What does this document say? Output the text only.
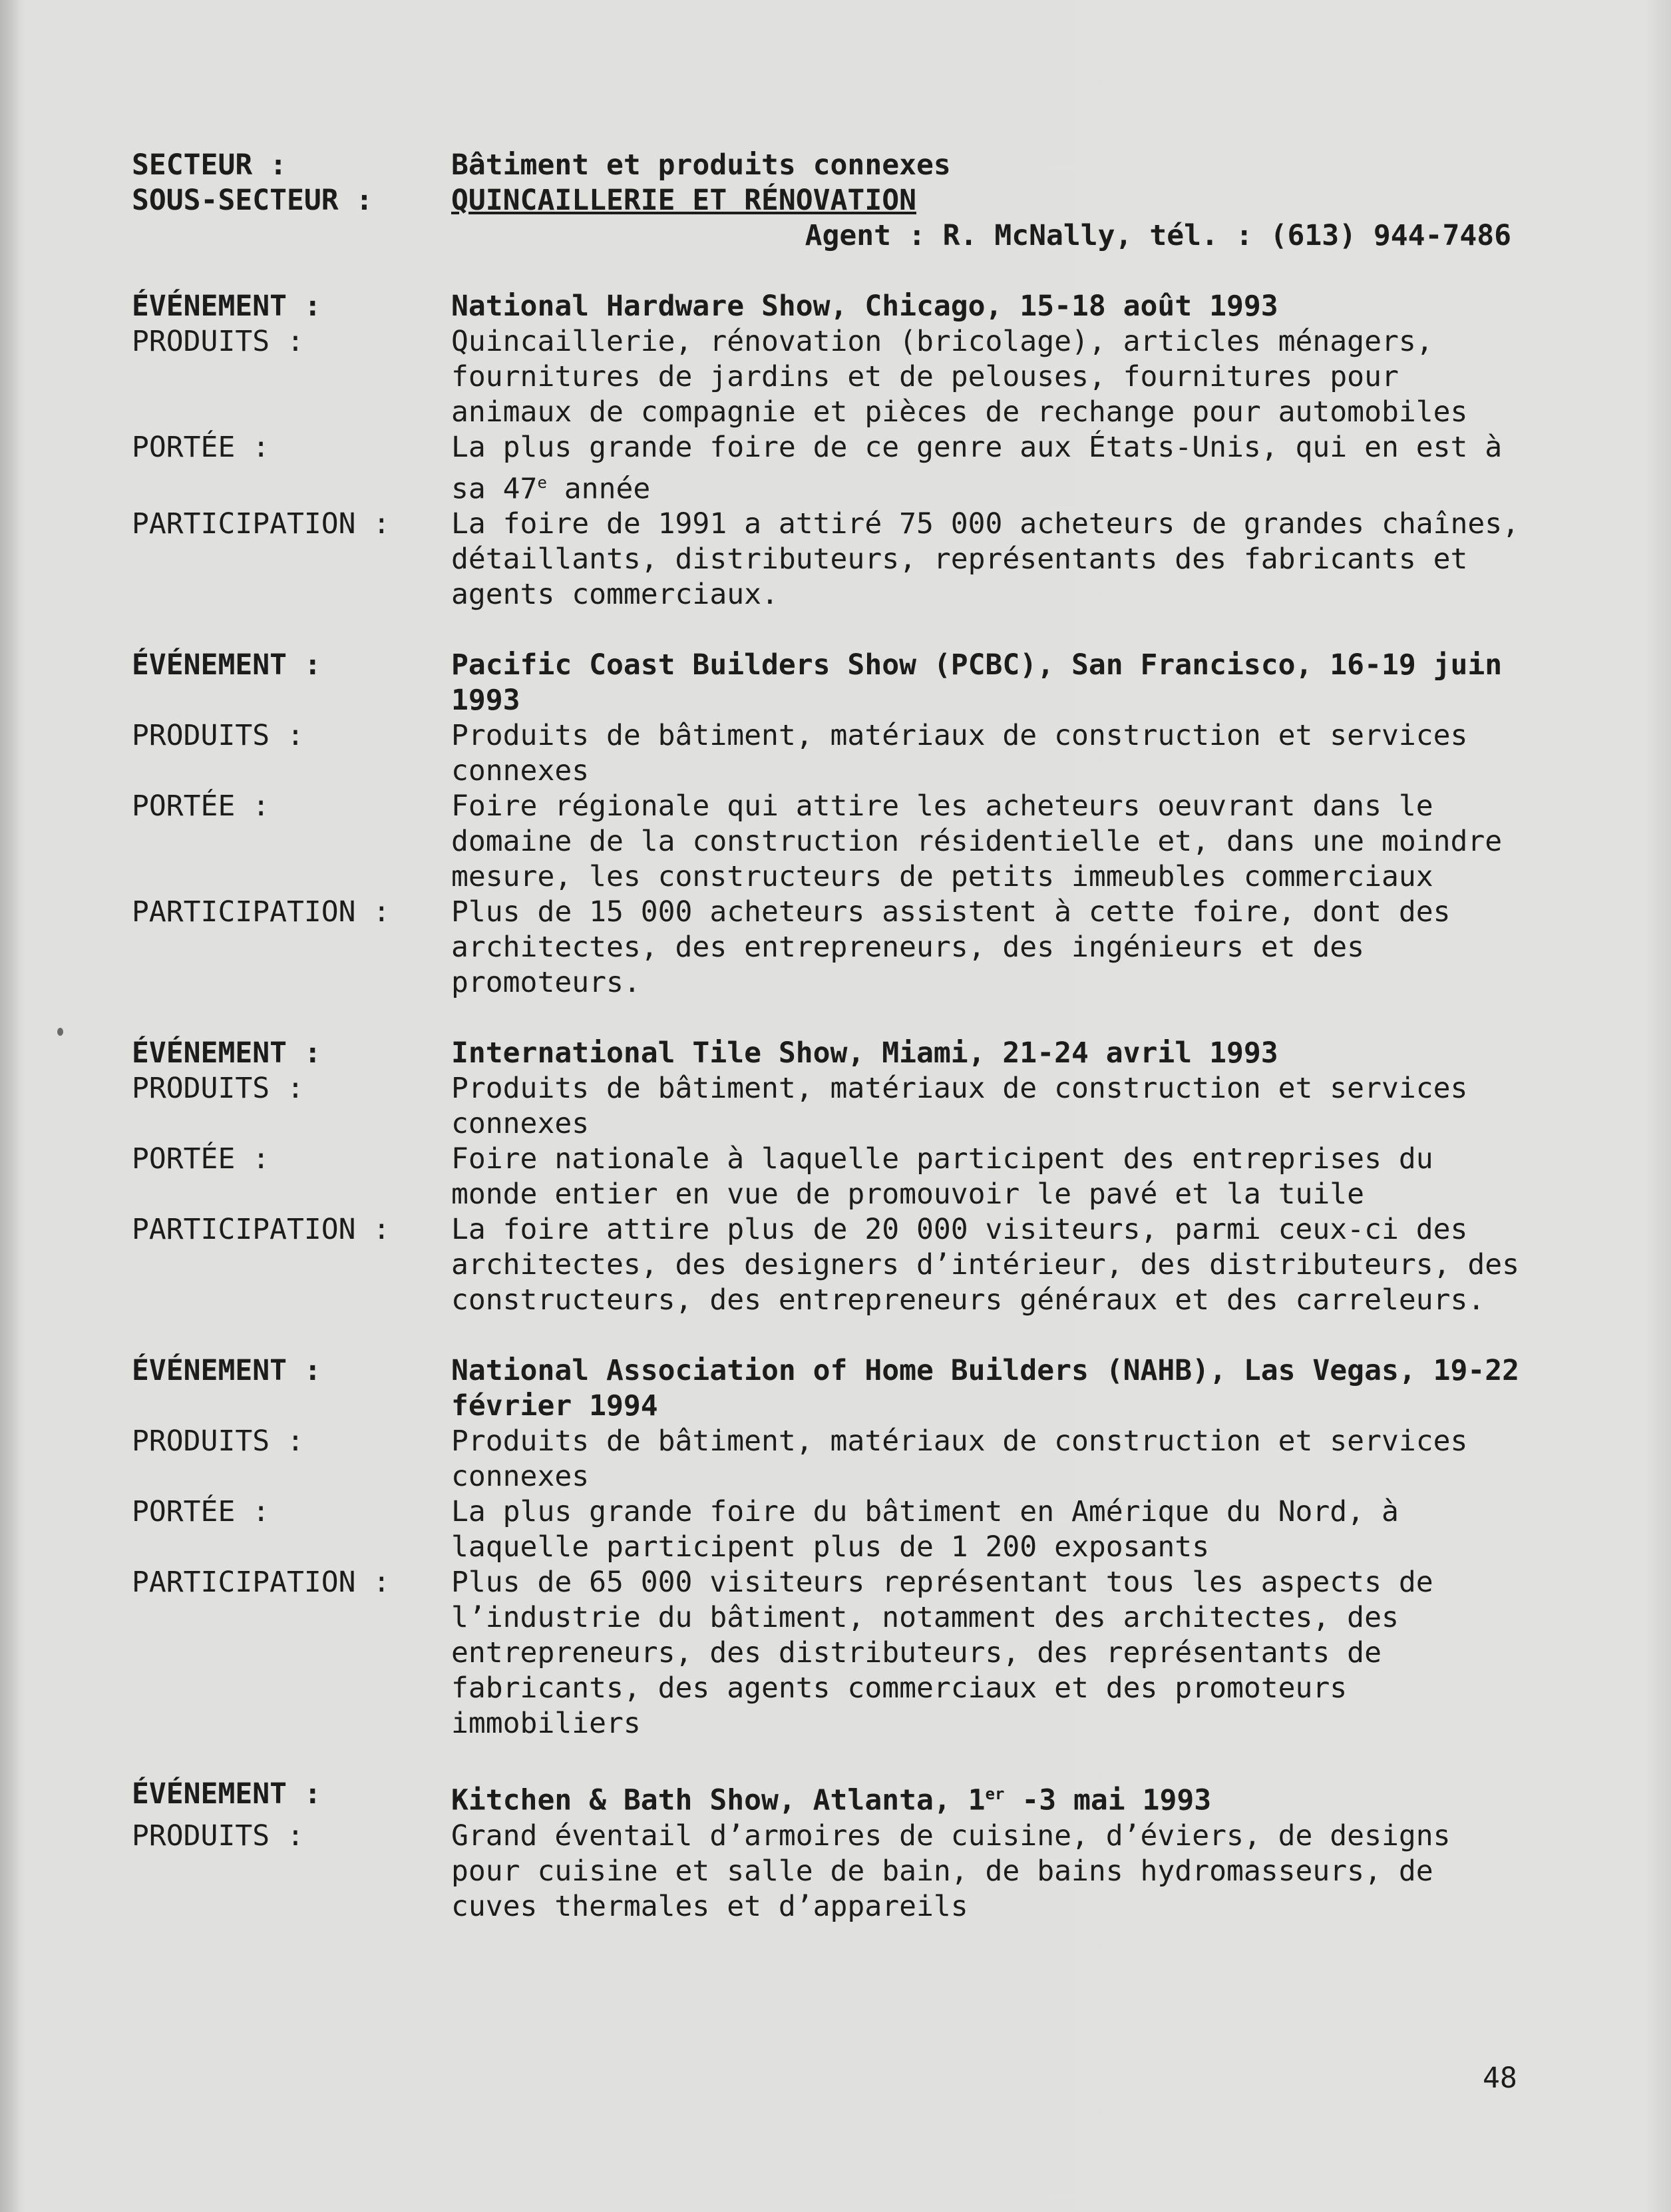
SECTEUR :	Bâtiment et produits connexes
SOUS-SECTEUR :	QUINCAILLERIE ET RÉNOVATION
Agent : R. McNally, tél. : (613) 944-7486
ÉVÉNEMENT :	National Hardware Show, Chicago, 15-18 août 1993
PRODUITS :	Quincaillerie, rénovation (bricolage), articles ménagers, fournitures de jardins et de pelouses, fournitures pour animaux de compagnie et pièces de rechange pour automobiles
PORTÉE :	La plus grande foire de ce genre aux États-Unis, qui en est à sa 47e année
PARTICIPATION :	La foire de 1991 a attiré 75 000 acheteurs de grandes chaînes, détaillants, distributeurs, représentants des fabricants et agents commerciaux.
ÉVÉNEMENT :	Pacific Coast Builders Show (PCBC), San Francisco, 16-19 juin 1993
PRODUITS :	Produits de bâtiment, matériaux de construction et services connexes
PORTÉE :	Foire régionale qui attire les acheteurs oeuvrant dans le domaine de la construction résidentielle et, dans une moindre mesure, les constructeurs de petits immeubles commerciaux
PARTICIPATION :	Plus de 15 000 acheteurs assistent à cette foire, dont des architectes, des entrepreneurs, des ingénieurs et des promoteurs.
ÉVÉNEMENT :	International Tile Show, Miami, 21-24 avril 1993
PRODUITS :	Produits de bâtiment, matériaux de construction et services connexes
PORTÉE :	Foire nationale à laquelle participent des entreprises du monde entier en vue de promouvoir le pavé et la tuile
PARTICIPATION :	La foire attire plus de 20 000 visiteurs, parmi ceux-ci des architectes, des designers d’intérieur, des distributeurs, des constructeurs, des entrepreneurs généraux et des carreleurs.
ÉVÉNEMENT :	National Association of Home Builders (NAHB), Las Vegas, 19-22 février 1994
PRODUITS :	Produits de bâtiment, matériaux de construction et services connexes
PORTÉE :	La plus grande foire du bâtiment en Amérique du Nord, à laquelle participent plus de 1 200 exposants
PARTICIPATION :	Plus de 65 000 visiteurs représentant tous les aspects de l’industrie du bâtiment, notamment des architectes, des entrepreneurs, des distributeurs, des représentants de fabricants, des agents commerciaux et des promoteurs immobiliers
ÉVÉNEMENT :	Kitchen & Bath Show, Atlanta, 1er -3 mai 1993
PRODUITS :	Grand éventail d’armoires de cuisine, d’éviers, de designs pour cuisine et salle de bain, de bains hydromasseurs, de cuves thermales et d’appareils
48
